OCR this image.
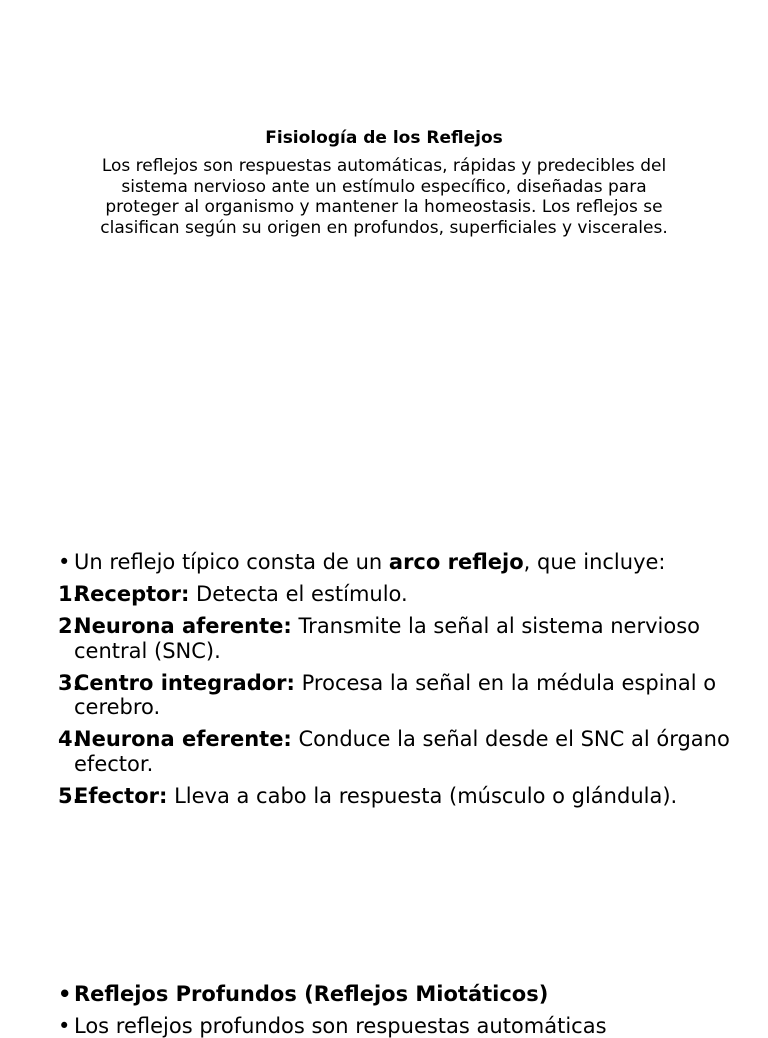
Fisiología de los Reflejos

Los reflejos son respuestas automáticas, rápidas y predecibles del sistema nervioso ante un estímulo específico, diseñadas para proteger al organismo y mantener la homeostasis. Los reflejos se clasifican según su origen en profundos, superficiales y viscerales.

• Un reflejo típico consta de un arco reflejo, que incluye:
1.
Receptor: Detecta el estímulo.
2.
Neurona aferente: Transmite la señal al sistema nervioso central (SNC).
3.
Centro integrador: Procesa la señal en la médula espinal o cerebro.
4.
Neurona eferente: Conduce la señal desde el SNC al órgano efector.
5.
Efector: Lleva a cabo la respuesta (músculo o glándula).
• Reflejos Profundos (Reflejos Miotáticos)
• Los reflejos profundos son respuestas automáticas
